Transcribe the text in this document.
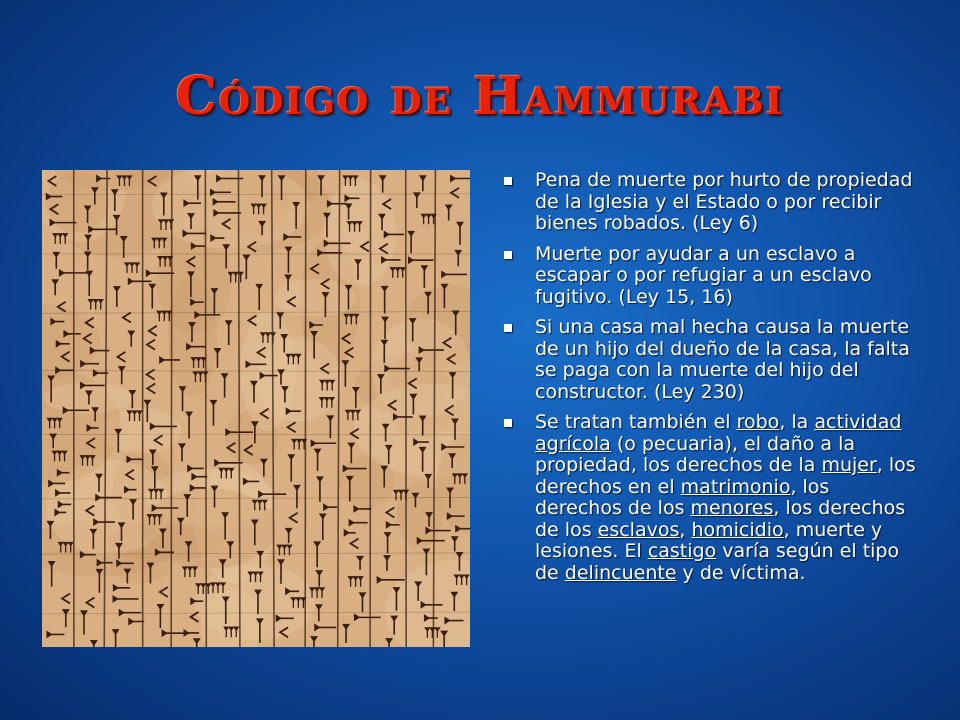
Código de Hammurabi
Pena de muerte por hurto de propiedad de la Iglesia y el Estado o por recibir bienes robados. (Ley 6)
Muerte por ayudar a un esclavo a escapar o por refugiar a un esclavo fugitivo. (Ley 15, 16)
Si una casa mal hecha causa la muerte de un hijo del dueño de la casa, la falta se paga con la muerte del hijo del constructor. (Ley 230)
Se tratan también el robo, la actividad agrícola (o pecuaria), el daño a la propiedad, los derechos de la mujer, los derechos en el matrimonio, los derechos de los menores, los derechos de los esclavos, homicidio, muerte y lesiones. El castigo varía según el tipo de delincuente y de víctima.
